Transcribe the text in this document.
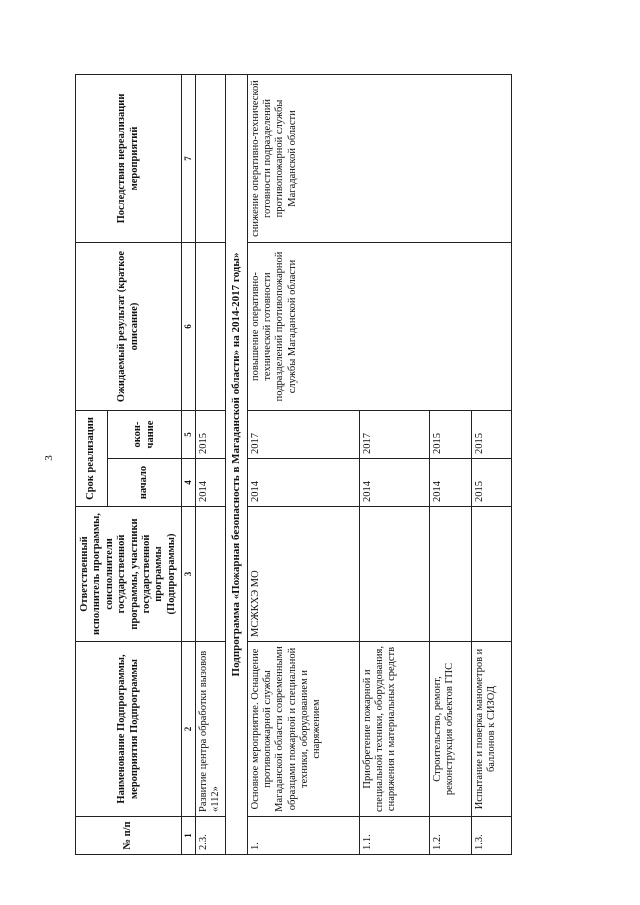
3
№ п/п	Наименование Подпрограммы, мероприятия Подпрограммы	Ответственный исполнитель программы, соисполнители государственной программы, участники государственной программы (Подпрограммы)	Срок реализации		Ожидаемый результат (краткое описание)	Последствия нереализации мероприятий
			начало	окон-чание		
1	2	3	4	5	6	7
2.3.	Развитие центра обработки вызовов «112»		2014	2015		
Подпрограмма «Пожарная безопасность в Магаданской области» на 2014-2017 годы»						
1.	Основное мероприятие. Оснащение противопожарной службы Магаданской области современными образцами пожарной и специальной техники, оборудованием и снаряжением	МСЖКХЭ МО	2014	2017	повышение оперативно-технической готовности подразделений противопожарной службы Магаданской области	снижение оперативно-технической готовности подразделений противопожарной службы Магаданской области
1.1.	Приобретение пожарной и специальной техники, оборудования, снаряжения и материальных средств		2014	2017		
1.2.	Строительство, ремонт, реконструкция объектов ГПС		2014	2015		
1.3.	Испытание и поверка манометров и баллонов к СИЗОД		2015	2015		
